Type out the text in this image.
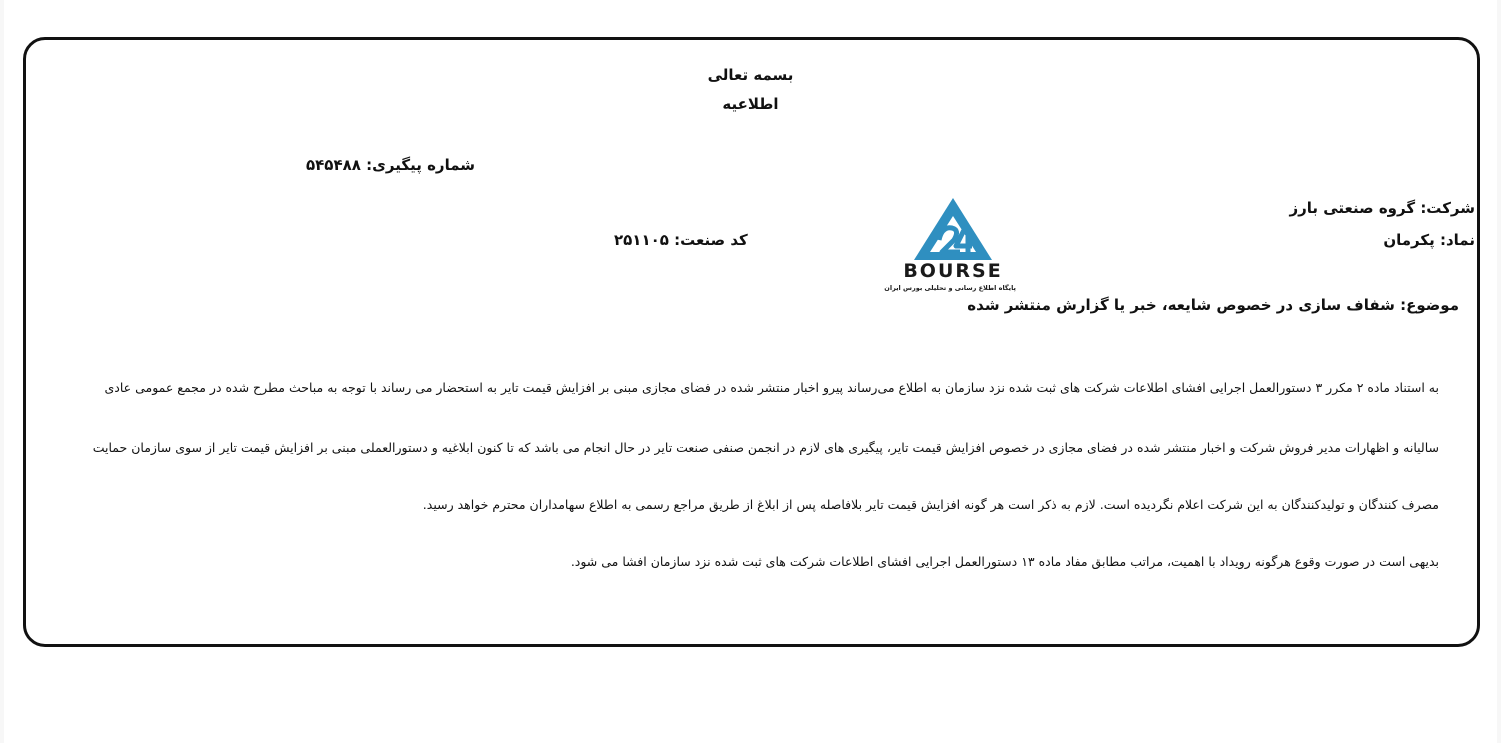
بسمه تعالی
اطلاعیه
شماره پیگیری: ۵۴۵۴۸۸
شرکت: گروه صنعتی بارز
نماد: پکرمان
کد صنعت: ۲۵۱۱۰۵
BOURSE
پایگاه اطلاع رسانی و تحلیلی بورس ایران
موضوع: شفاف سازی در خصوص شایعه، خبر یا گزارش منتشر شده
به استناد ماده ۲ مکرر ۳ دستورالعمل اجرایی افشای اطلاعات شرکت های ثبت شده نزد سازمان به اطلاع می‌رساند پیرو اخبار منتشر شده در فضای مجازی مبنی بر افزایش قیمت تایر به استحضار می رساند با توجه به مباحث مطرح شده در مجمع عمومی عادی
سالیانه و اظهارات مدیر فروش شرکت و اخبار منتشر شده در فضای مجازی در خصوص افزایش قیمت تایر، پیگیری های لازم در انجمن صنفی صنعت تایر در حال انجام می باشد که تا کنون ابلاغیه و دستورالعملی مبنی بر افزایش قیمت تایر از سوی سازمان حمایت
مصرف کنندگان و تولیدکنندگان به این شرکت اعلام نگردیده است. لازم به ذکر است هر گونه افزایش قیمت تایر بلافاصله پس از ابلاغ از طریق مراجع رسمی به اطلاع سهامداران محترم خواهد رسید.
بدیهی است در صورت وقوع هرگونه رویداد با اهمیت، مراتب مطابق مفاد ماده ۱۳ دستورالعمل اجرایی افشای اطلاعات شرکت های ثبت شده نزد سازمان افشا می شود.
